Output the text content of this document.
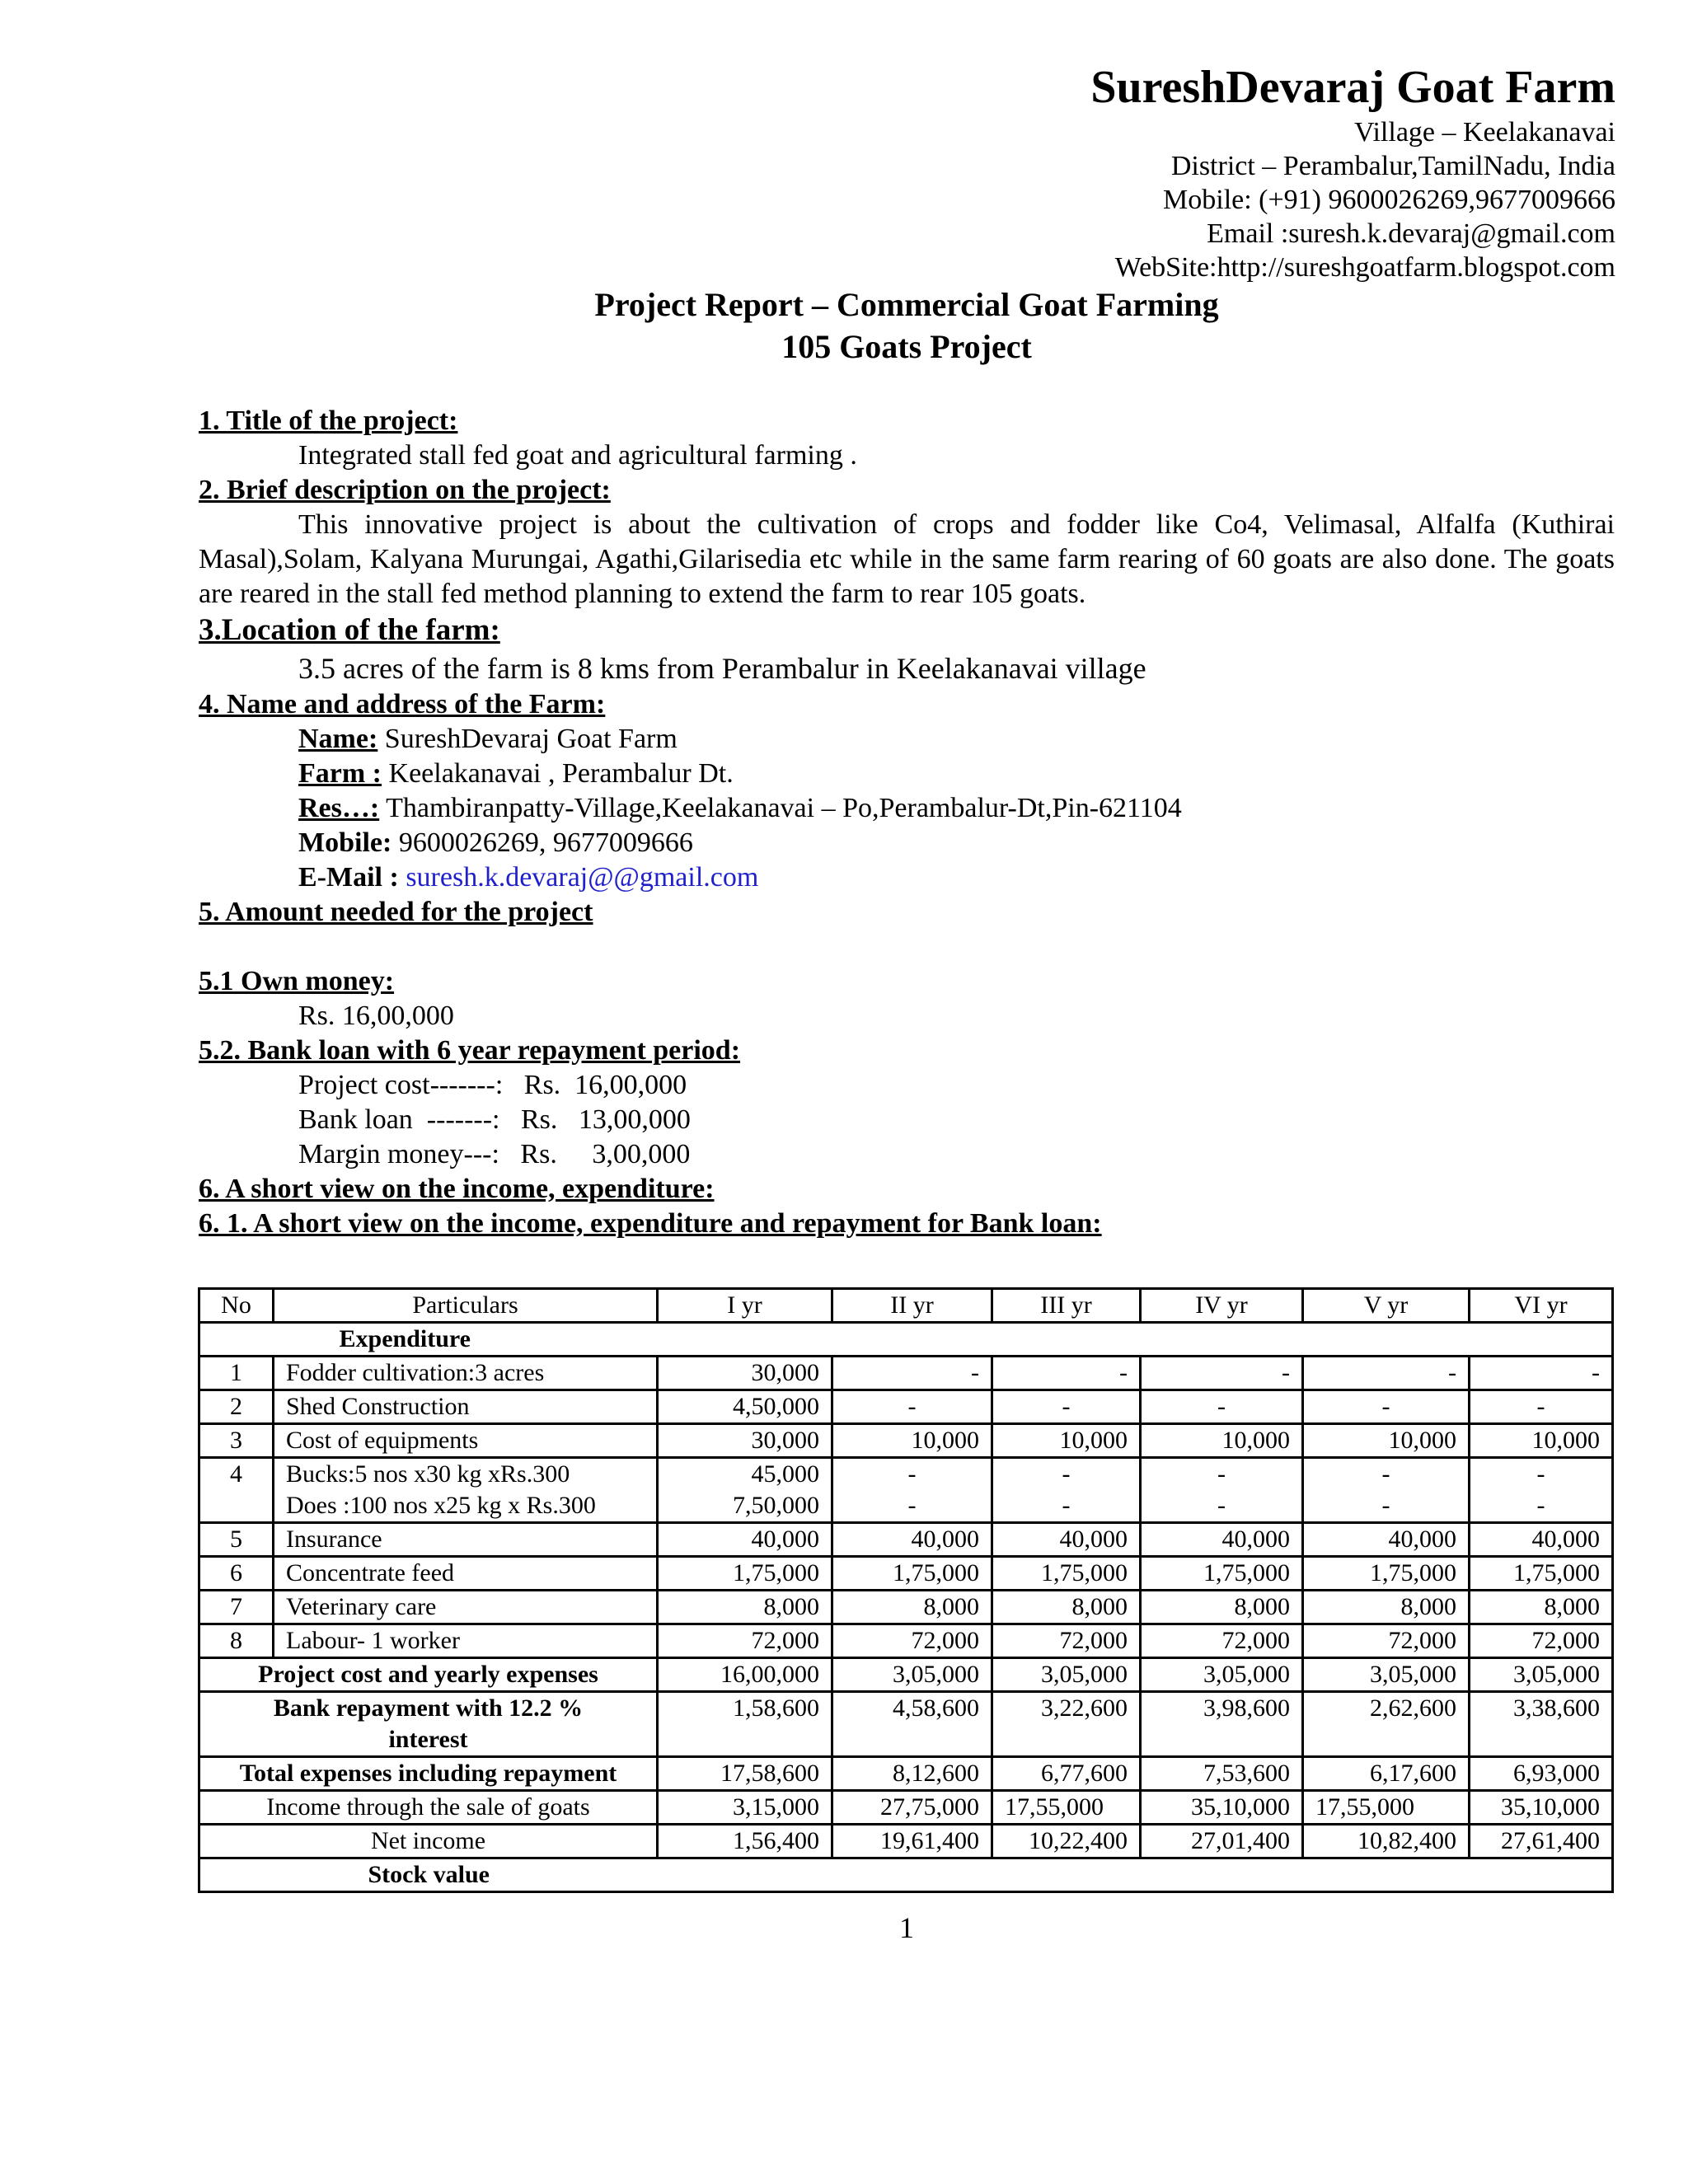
SureshDevaraj Goat Farm
Village – Keelakanavai
District – Perambalur,TamilNadu, India
Mobile: (+91) 9600026269,9677009666
Email :suresh.k.devaraj@gmail.com
WebSite:http://sureshgoatfarm.blogspot.com
Project Report – Commercial Goat Farming
105 Goats Project
1. Title of the project:
Integrated stall fed goat and agricultural farming .
2. Brief description on the project:
This innovative project is about the cultivation of crops and fodder like Co4, Velimasal, Alfalfa (Kuthirai Masal),Solam, Kalyana Murungai, Agathi,Gilarisedia etc while in the same farm rearing of 60 goats are also done. The goats are reared in the stall fed method planning to extend the farm to rear 105 goats.
3.Location of the farm:
3.5 acres of the farm is 8 kms from Perambalur in Keelakanavai village
4. Name and address of the Farm:
Name: SureshDevaraj Goat Farm
Farm : Keelakanavai , Perambalur Dt.
Res…: Thambiranpatty-Village,Keelakanavai – Po,Perambalur-Dt,Pin-621104
Mobile: 9600026269, 9677009666
E-Mail : suresh.k.devaraj@@gmail.com
5. Amount needed for the project
5.1 Own money:
Rs. 16,00,000
5.2. Bank loan with 6 year repayment period:
Project cost-------:   Rs.  16,00,000
Bank loan  -------:   Rs.   13,00,000
Margin money---:   Rs.     3,00,000
6. A short view on the income, expenditure:
6. 1. A short view on the income, expenditure and repayment for Bank loan:
No	Particulars	I yr	II yr	III yr	IV yr	V yr	VI yr
	Expenditure						
1	Fodder cultivation:3 acres	30,000	-	-	-	-	-
2	Shed Construction	4,50,000	-	-	-	-	-
3	Cost of equipments	30,000	10,000	10,000	10,000	10,000	10,000
4	Bucks:5 nos x30 kg xRs.300	45,000	-	-	-	-	-
	Does :100 nos x25 kg x Rs.300	7,50,000	-	-	-	-	-
5	Insurance	40,000	40,000	40,000	40,000	40,000	40,000
6	Concentrate feed	1,75,000	1,75,000	1,75,000	1,75,000	1,75,000	1,75,000
7	Veterinary care	8,000	8,000	8,000	8,000	8,000	8,000
8	Labour- 1 worker	72,000	72,000	72,000	72,000	72,000	72,000
Project cost and yearly expenses		16,00,000	3,05,000	3,05,000	3,05,000	3,05,000	3,05,000

Bank repayment with 12.2 %
interest		1,58,600	4,58,600	3,22,600	3,98,600	2,62,600	3,38,600
Total expenses including repayment		17,58,600	8,12,600	6,77,600	7,53,600	6,17,600	6,93,000
Income through the sale of goats		3,15,000	27,75,000	17,55,000	35,10,000	17,55,000	35,10,000
Net income		1,56,400	19,61,400	10,22,400	27,01,400	10,82,400	27,61,400
Stock value							
1
